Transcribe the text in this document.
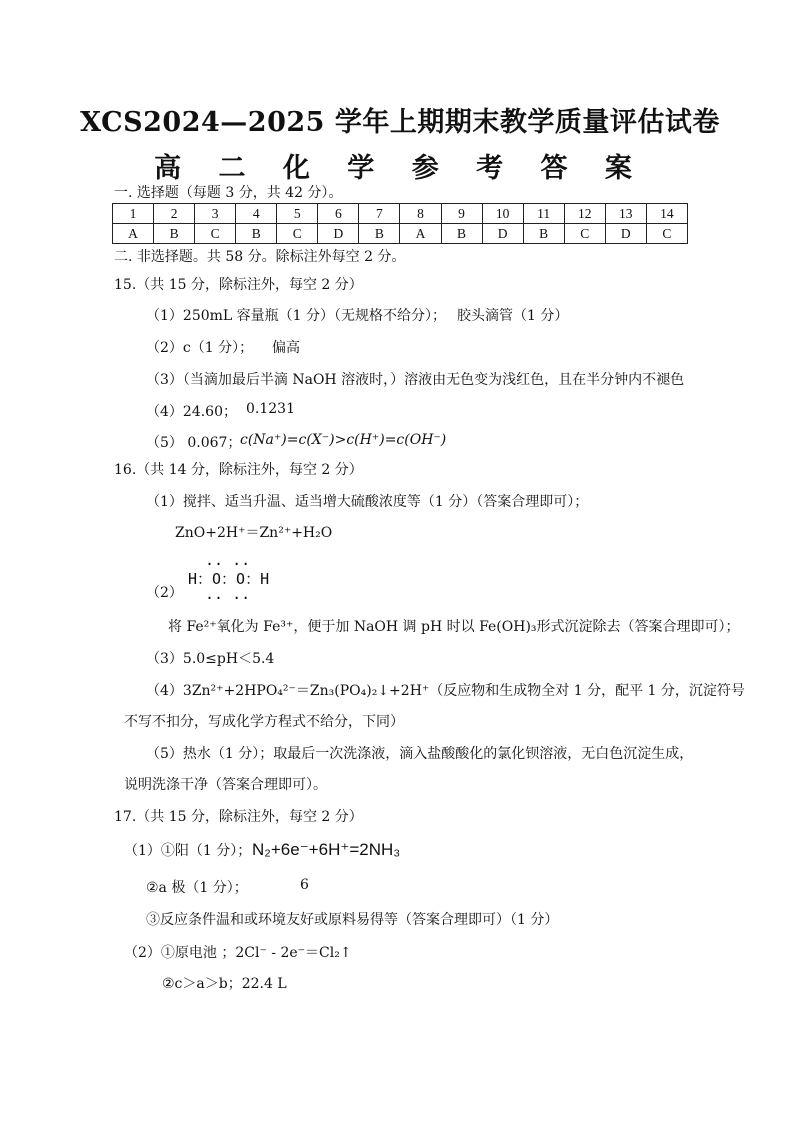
XCS2024—2025 学年上期期末教学质量评估试卷
高 二 化 学 参 考 答 案
一. 选择题（每题 3 分，共 42 分）。
1	2	3	4	5	6	7	8	9	10	11	12	13	14
A	B	C	B	C	D	B	A	B	D	B	C	D	C
二. 非选择题。共 58 分。除标注外每空 2 分。
15.（共 15 分，除标注外，每空 2 分）
（1）250mL 容量瓶（1 分）（无规格不给分）； 胶头滴管（1 分）
（2）c（1 分）； 偏高
（3）（当滴加最后半滴 NaOH 溶液时，）溶液由无色变为浅红色，且在半分钟内不褪色
（4）24.60； 0.1231
（5） 0.067；
c(Na⁺)=c(X⁻)>c(H⁺)=c(OH⁻)
16.（共 14 分，除标注外，每空 2 分）
（1）搅拌、适当升温、适当增大硫酸浓度等（1 分）（答案合理即可）；
ZnO+2H⁺＝Zn²⁺+H₂O
.. ..
（2）
H：O：O：H
.. ..
将 Fe²⁺氧化为 Fe³⁺，便于加 NaOH 调 pH 时以 Fe(OH)₃形式沉淀除去（答案合理即可）；
（3）5.0≤pH＜5.4
（4）3Zn²⁺+2HPO₄²⁻＝Zn₃(PO₄)₂↓+2H⁺（反应物和生成物全对 1 分，配平 1 分，沉淀符号
不写不扣分，写成化学方程式不给分，下同）
（5）热水（1 分）；取最后一次洗涤液，滴入盐酸酸化的氯化钡溶液，无白色沉淀生成，
说明洗涤干净（答案合理即可）。
17.（共 15 分，除标注外，每空 2 分）
（1）①阳（1 分）； N₂+6e⁻+6H⁺=2NH₃
②a 极（1 分）；	6
③反应条件温和或环境友好或原料易得等（答案合理即可）（1 分）
（2）①原电池 ；2Cl⁻ - 2e⁻＝Cl₂↑
②c＞a＞b；22.4 L
